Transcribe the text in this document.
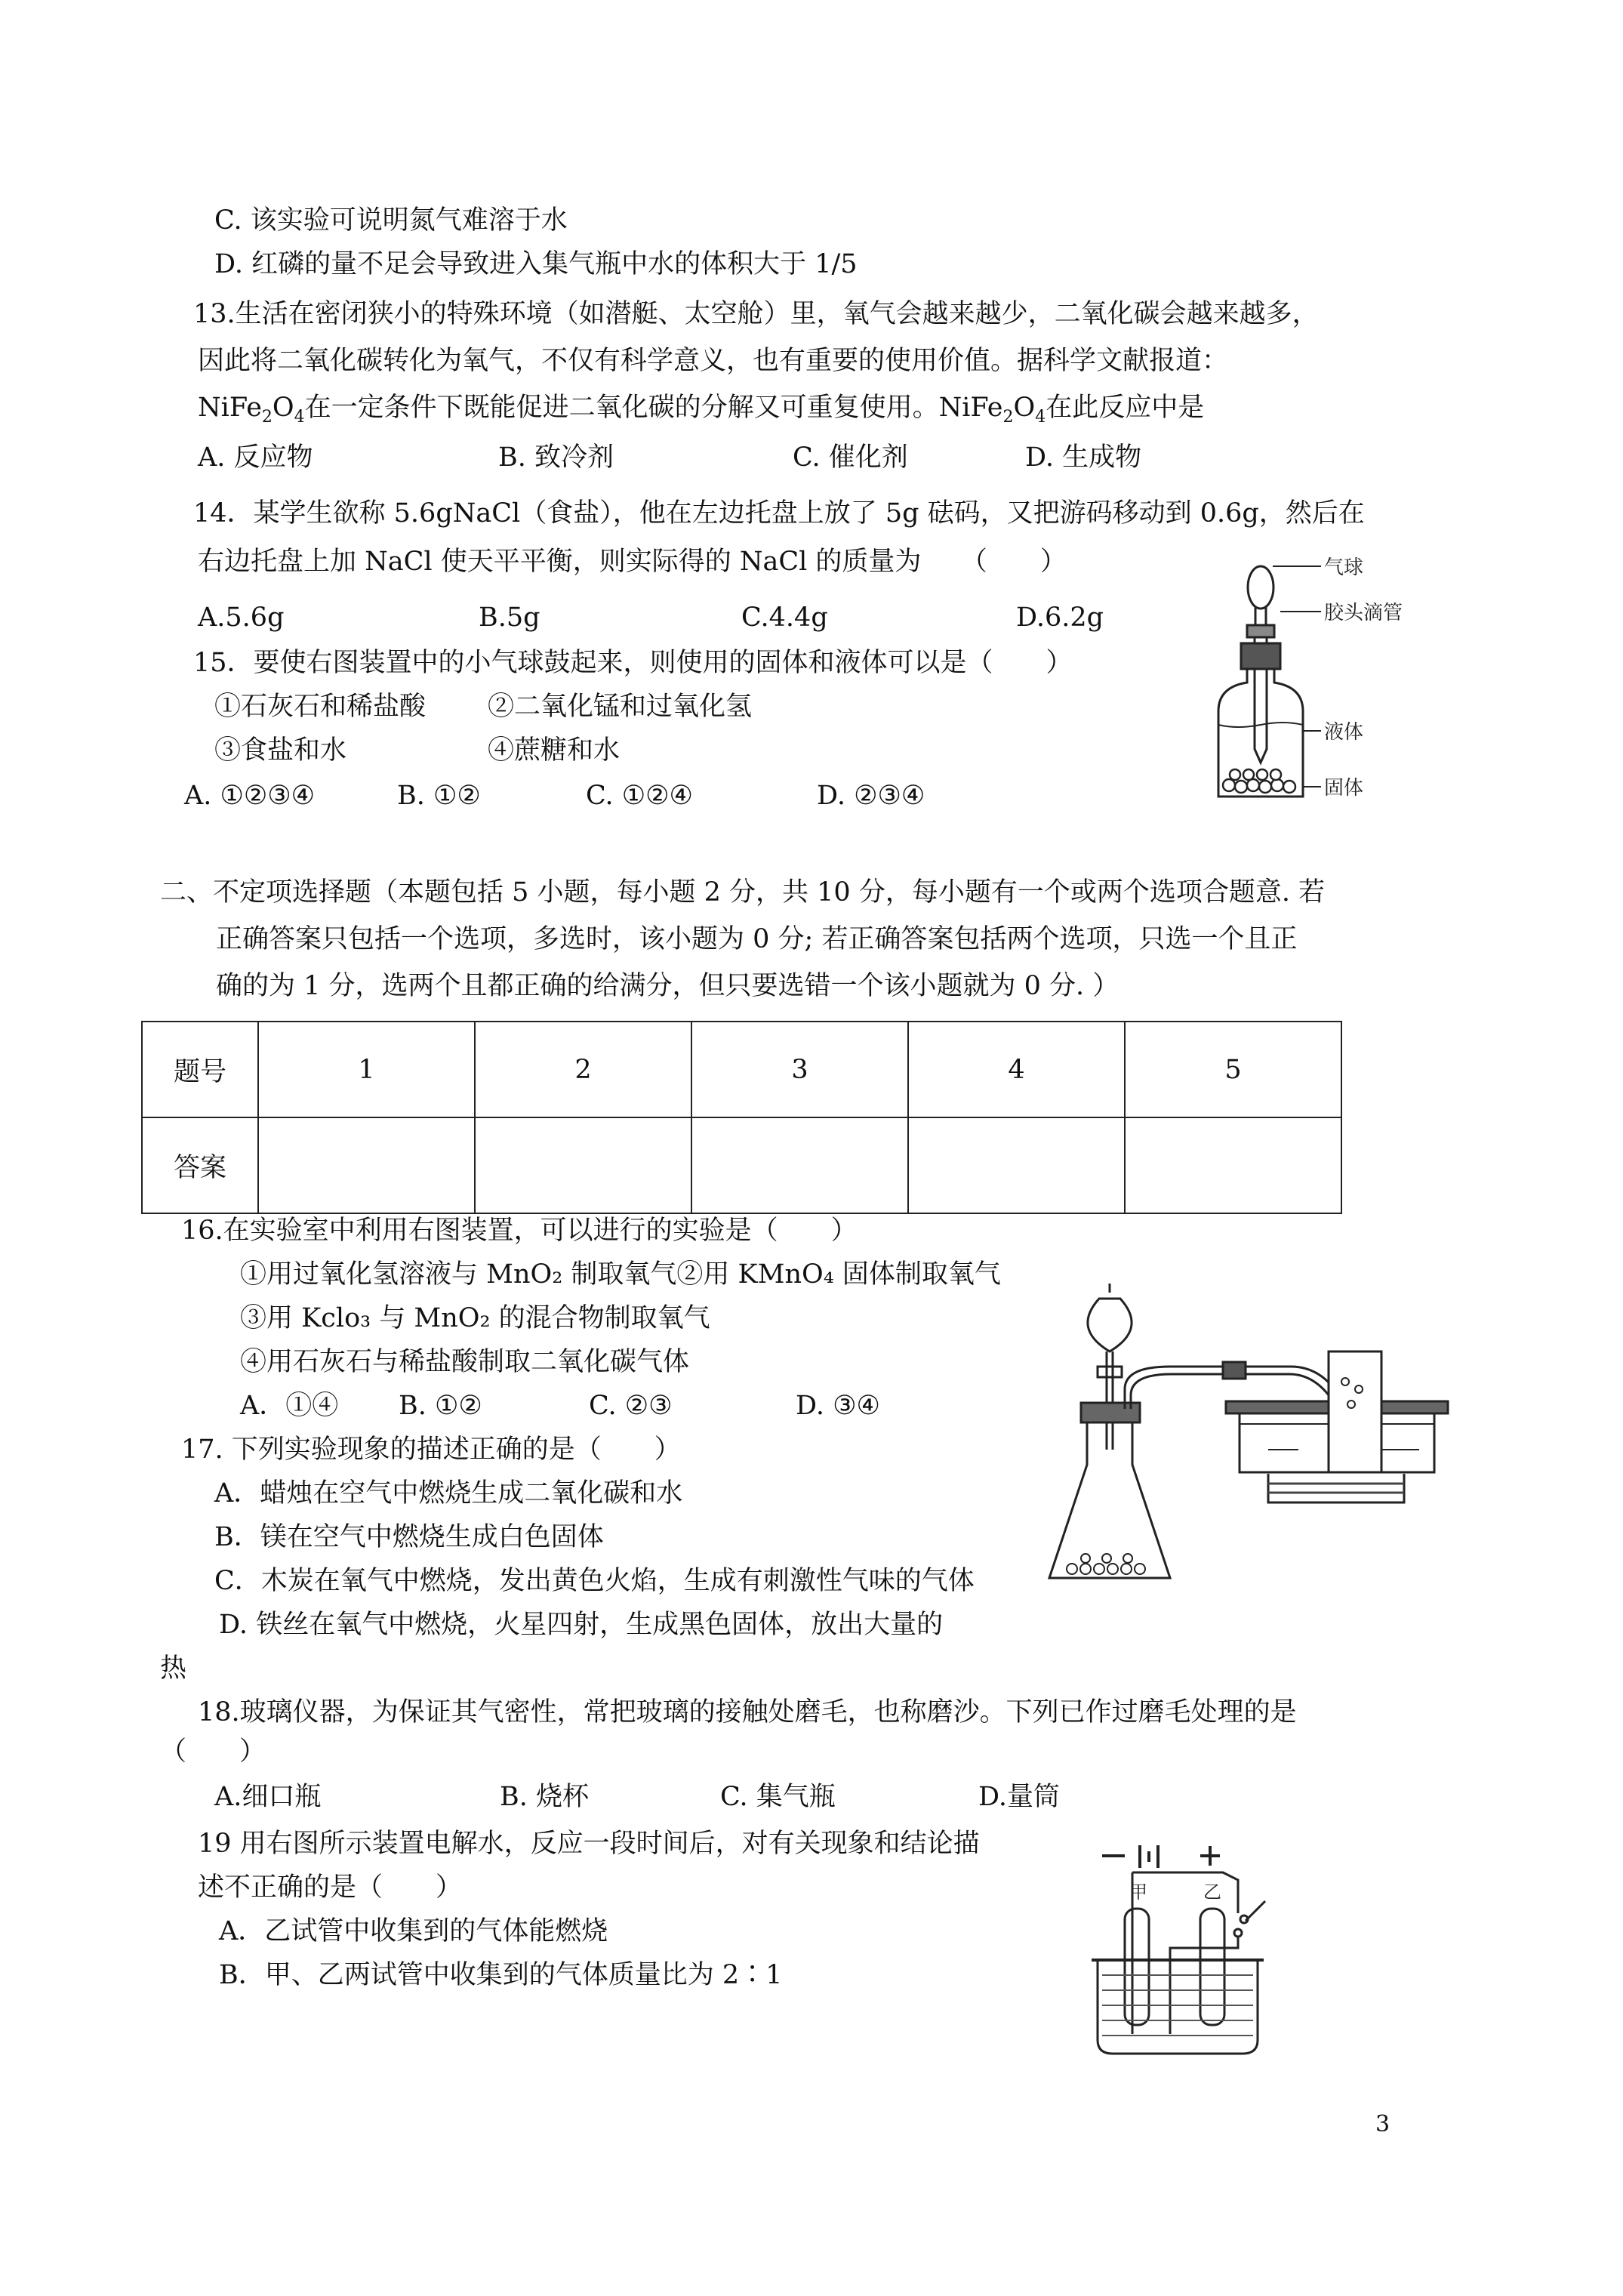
C. 该实验可说明氮气难溶于水
D. 红磷的量不足会导致进入集气瓶中水的体积大于 1/5
13.生活在密闭狭小的特殊环境（如潜艇、太空舱）里，氧气会越来越少，二氧化碳会越来越多，
因此将二氧化碳转化为氧气，不仅有科学意义，也有重要的使用价值。据科学文献报道：
$NiFe_2O_4$在一定条件下既能促进二氧化碳的分解又可重复使用。$NiFe_2O_4$在此反应中是
A. 反应物	B. 致冷剂	C. 催化剂	D. 生成物
14．某学生欲称 5.6gNaCl（食盐），他在左边托盘上放了 5g 砝码，又把游码移动到 0.6g，然后在
右边托盘上加 NaCl 使天平平衡，则实际得的 NaCl 的质量为　　（　　）
A.5.6g	B.5g	C.4.4g	D.6.2g
15．要使右图装置中的小气球鼓起来，则使用的固体和液体可以是（　　）
①石灰石和稀盐酸 ②二氧化锰和过氧化氢
③食盐和水	④蔗糖和水
A. ①②③④	B. ①②	C. ①②④	D. ②③④
气球
胶头滴管
液体
固体
二、不定项选择题（本题包括 5 小题，每小题 2 分，共 10 分，每小题有一个或两个选项合题意. 若
正确答案只包括一个选项，多选时，该小题为 0 分; 若正确答案包括两个选项，只选一个且正
确的为 1 分，选两个且都正确的给满分，但只要选错一个该小题就为 0 分. ）
题号	1	2	3	4	5
答案					
16.在实验室中利用右图装置，可以进行的实验是（　　）
①用过氧化氢溶液与 MnO₂ 制取氧气②用 KMnO₄ 固体制取氧气
③用 Kclo₃ 与 MnO₂ 的混合物制取氧气
④用石灰石与稀盐酸制取二氧化碳气体
A．①④ B. ①②	C. ②③	D. ③④
17. 下列实验现象的描述正确的是（　　）
A．蜡烛在空气中燃烧生成二氧化碳和水
B．镁在空气中燃烧生成白色固体
C．木炭在氧气中燃烧，发出黄色火焰，生成有刺激性气味的气体
D. 铁丝在氧气中燃烧，火星四射，生成黑色固体，放出大量的
热
18.玻璃仪器，为保证其气密性，常把玻璃的接触处磨毛，也称磨沙。下列已作过磨毛处理的是
（　　）
A.细口瓶	B. 烧杯	C. 集气瓶	D.量筒
19 用右图所示装置电解水，反应一段时间后，对有关现象和结论描
述不正确的是（　　）
A．乙试管中收集到的气体能燃烧
B．甲、乙两试管中收集到的气体质量比为 2∶1
甲	乙
3
